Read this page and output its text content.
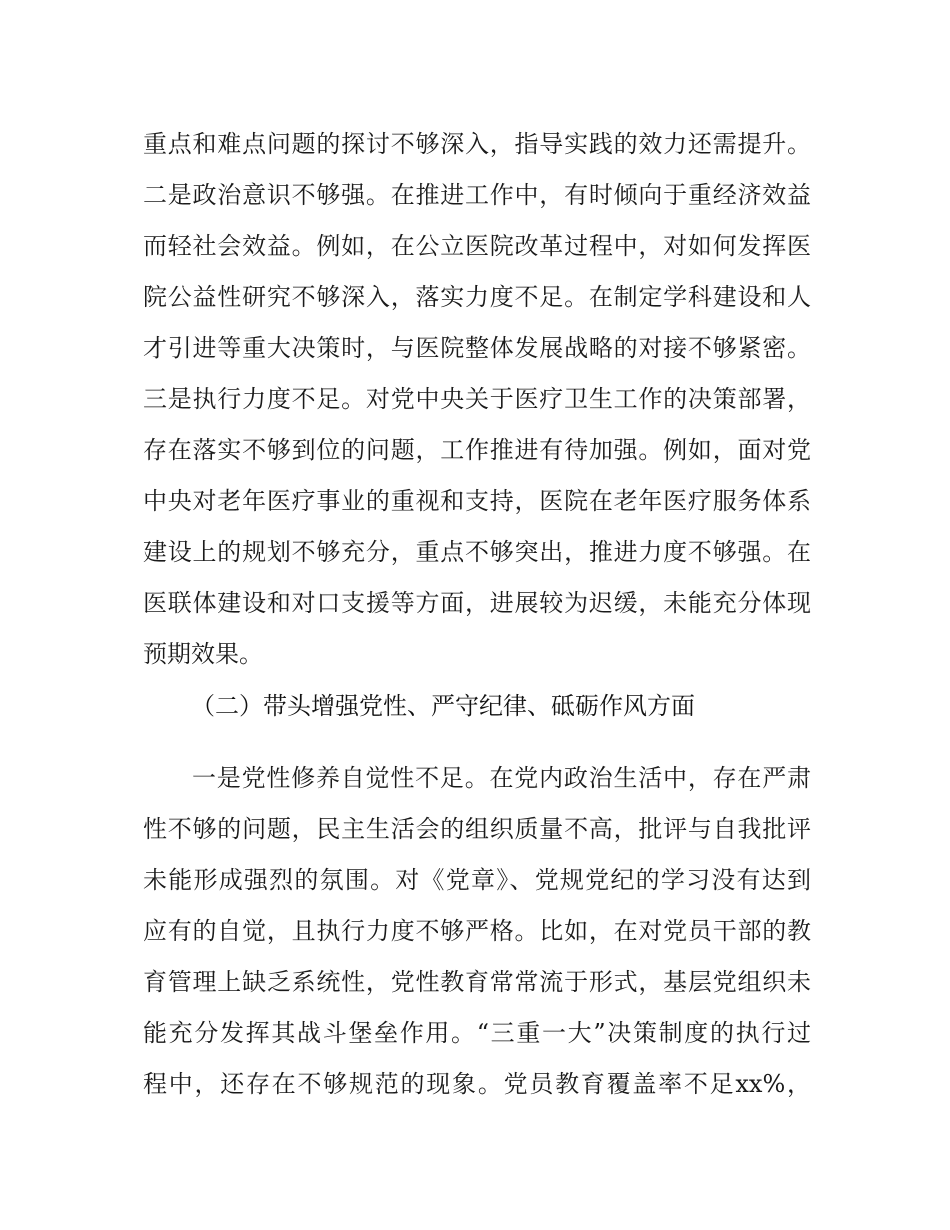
重点和难点问题的探讨不够深入，指导实践的效力还需提升。
二是政治意识不够强。在推进工作中，有时倾向于重经济效益
而轻社会效益。例如，在公立医院改革过程中，对如何发挥医
院公益性研究不够深入，落实力度不足。在制定学科建设和人
才引进等重大决策时，与医院整体发展战略的对接不够紧密。
三是执行力度不足。对党中央关于医疗卫生工作的决策部署，
存在落实不够到位的问题，工作推进有待加强。例如，面对党
中央对老年医疗事业的重视和支持，医院在老年医疗服务体系
建设上的规划不够充分，重点不够突出，推进力度不够强。在
医联体建设和对口支援等方面，进展较为迟缓，未能充分体现
预期效果。
（二）带头增强党性、严守纪律、砥砺作风方面
一是党性修养自觉性不足。在党内政治生活中，存在严肃
性不够的问题，民主生活会的组织质量不高，批评与自我批评
未能形成强烈的氛围。对《党章》、党规党纪的学习没有达到
应有的自觉，且执行力度不够严格。比如，在对党员干部的教
育管理上缺乏系统性，党性教育常常流于形式，基层党组织未
能充分发挥其战斗堡垒作用。“三重一大”决策制度的执行过
程中，还存在不够规范的现象。党员教育覆盖率不足xx%，
